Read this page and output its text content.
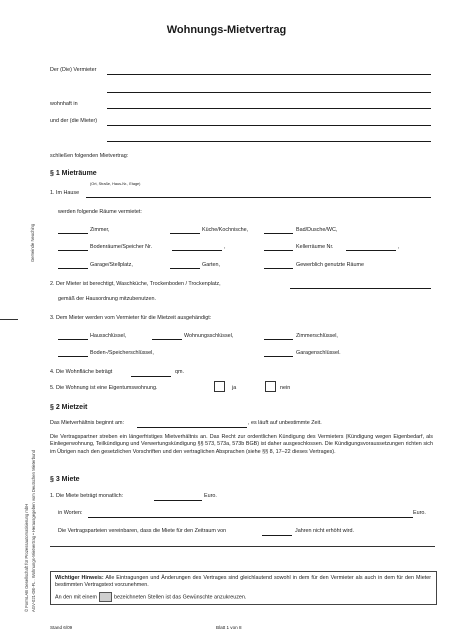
Wohnungs-Mietvertrag
Gemeinde Neuching
© FormLAB Gesellschaft für Prozessautomatisierung mbH AGV-021-DE-FL . Wohnungs-Mietvertrag • Herausgegeben vom Deutschen Mieterbund
Der (Die) Vermieter
wohnhaft in
und der (die Mieter)
schließen folgenden Mietvertrag:
§ 1 Mieträume
(Ort, Straße, Haus-Nr., Etage)
1. Im Hause
werden folgende Räume vermietet:
Zimmer,	Küche/Kochnische,	Bad/Dusche/WC,
Bodenräume/Speicher Nr.	,	Kellerräume Nr.	,
Garage/Stellplatz,	Garten,	Gewerblich genutzte Räume
2. Der Mieter ist berechtigt, Waschküche, Trockenboden / Trockenplatz,
gemäß der Hausordnung mitzubenutzen.
3. Dem Mieter werden vom Vermieter für die Mietzeit ausgehändigt:
Hausschlüssel,	Wohnungsschlüssel,	Zimmerschlüssel,
Boden-/Speicherschlüssel,	Garagenschlüssel.
4. Die Wohnfläche beträgt	qm.
5. Die Wohnung ist eine Eigentumswohnung.	ja	nein
§ 2 Mietzeit
Das Mietverhältnis beginnt am:	, es läuft auf unbestimmte Zeit.
Die Vertragspartner streben ein längerfristiges Mietverhältnis an. Das Recht zur ordentlichen Kündigung des Vermieters (Kündigung wegen Eigenbedarf, als Einliegerwohnung, Teilkündigung und Verwertungskündigung §§ 573, 573a, 573b BGB) ist daher ausgeschlossen. Die Kündigungsvoraussetzungen richten sich im Übrigen nach den gesetzlichen Vorschriften und den vertraglichen Absprachen (siehe §§ 8, 17–22 dieses Vertrages).
§ 3 Miete
1. Die Miete beträgt monatlich:	Euro.
in Worten:	Euro.
Die Vertragsparteien vereinbaren, dass die Miete für den Zeitraum von	Jahren nicht erhöht wird.
Wichtiger Hinweis: Alle Eintragungen und Änderungen des Vertrages sind gleichlautend sowohl in dem für den Vermieter als auch in dem für den Mieter bestimmten Vertragstext vorzunehmen.
An den mit einem	bezeichneten Stellen ist das Gewünschte anzukreuzen.
Stand 6/09	Blatt 1 von 8
